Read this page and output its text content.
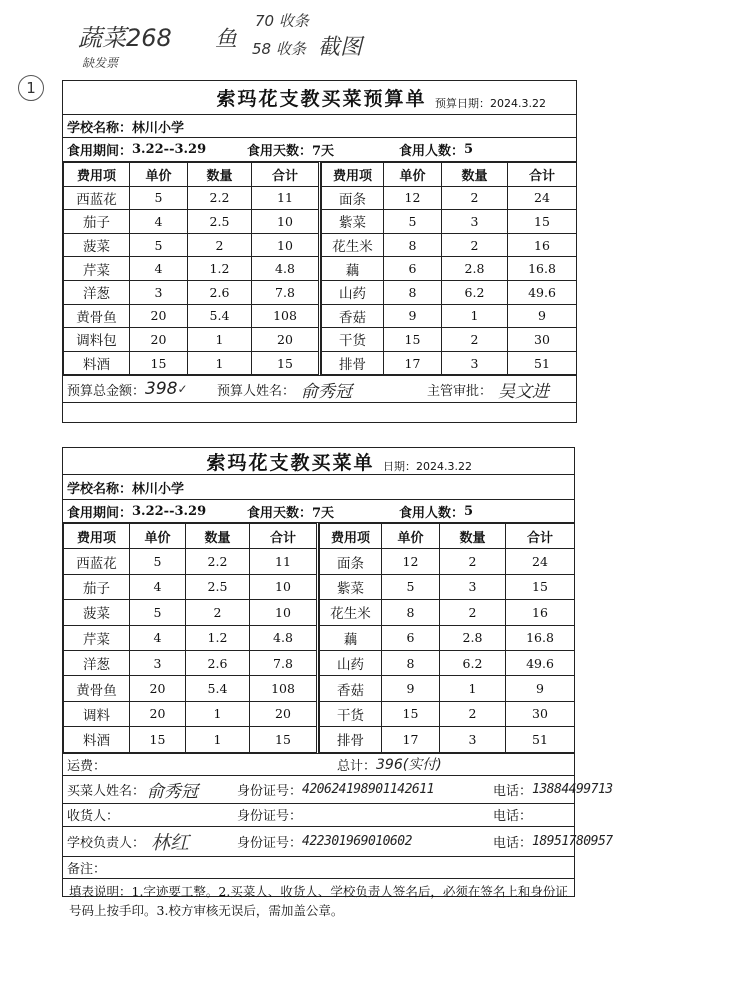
蔬菜268
缺发票
鱼
70 收条
58 收条 截图
1	索玛花支教买菜预算单 预算日期：2024.3.22
学校名称： 林川小学
食用期间： 3.22--3.29	食用天数： 7天	食用人数： 5
费用项	单价	数量	合计
西蓝花	5	2.2	11
茄子	4	2.5	10
菠菜	5	2	10
芹菜	4	1.2	4.8
洋葱	3	2.6	7.8
黄骨鱼	20	5.4	108
调料包	20	1	20
料酒	15	1	15
费用项	单价	数量	合计
面条	12	2	24
紫菜	5	3	15
花生米	8	2	16
藕	6	2.8	16.8
山药	8	6.2	49.6
香菇	9	1	9
干货	15	2	30
排骨	17	3	51
预算总金额： 398 ✓ 预算人姓名： 俞秀冠	主管审批： 吴文进
索玛花支教买菜单 日期：2024.3.22
学校名称： 林川小学
食用期间： 3.22--3.29	食用天数： 7天	食用人数： 5
费用项	单价	数量	合计
西蓝花	5	2.2	11
茄子	4	2.5	10
菠菜	5	2	10
芹菜	4	1.2	4.8
洋葱	3	2.6	7.8
黄骨鱼	20	5.4	108
调料	20	1	20
料酒	15	1	15
费用项	单价	数量	合计
面条	12	2	24
紫菜	5	3	15
花生米	8	2	16
藕	6	2.8	16.8
山药	8	6.2	49.6
香菇	9	1	9
干货	15	2	30
排骨	17	3	51
运费：	总计： 396(实付)
买菜人姓名： 俞秀冠	身份证号： 420624198901142611	电话： 13884499713
收货人：	身份证号：	电话：
学校负责人： 林红	身份证号： 422301969010602	电话： 18951780957
备注：
填表说明：1.字迹要工整。2.买菜人、收货人、学校负责人签名后，必须在签名上和身份证号码上按手印。3.校方审核无误后，需加盖公章。
